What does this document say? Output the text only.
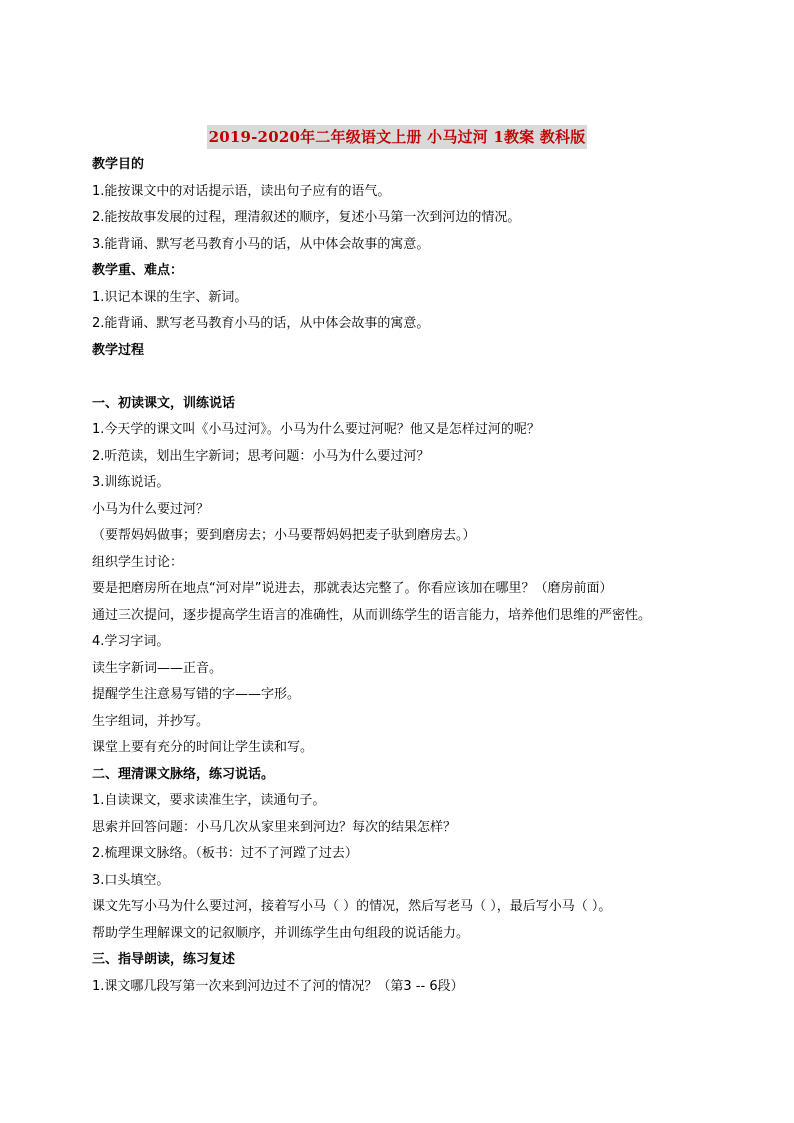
2019-2020年二年级语文上册 小马过河 1教案 教科版
教学目的
1.能按课文中的对话提示语，读出句子应有的语气。
2.能按故事发展的过程，理清叙述的顺序，复述小马第一次到河边的情况。
3.能背诵、默写老马教育小马的话，从中体会故事的寓意。
教学重、难点：
1.识记本课的生字、新词。
2.能背诵、默写老马教育小马的话，从中体会故事的寓意。
教学过程
一、初读课文，训练说话
1.今天学的课文叫《小马过河》。小马为什么要过河呢？他又是怎样过河的呢？
2.听范读，划出生字新词；思考问题：小马为什么要过河？
3.训练说话。
小马为什么要过河？
（要帮妈妈做事；要到磨房去；小马要帮妈妈把麦子驮到磨房去。）
组织学生讨论：
要是把磨房所在地点“河对岸”说进去，那就表达完整了。你看应该加在哪里？（磨房前面）
通过三次提问，逐步提高学生语言的准确性，从而训练学生的语言能力，培养他们思维的严密性。
4.学习字词。
读生字新词——正音。
提醒学生注意易写错的字——字形。
生字组词，并抄写。
课堂上要有充分的时间让学生读和写。
二、理清课文脉络，练习说话。
1.自读课文，要求读准生字，读通句子。
思索并回答问题：小马几次从家里来到河边？每次的结果怎样？
2.梳理课文脉络。（板书：过不了河蹚了过去）
3.口头填空。
课文先写小马为什么要过河，接着写小马（ ）的情况，然后写老马（ ），最后写小马（ ）。
帮助学生理解课文的记叙顺序，并训练学生由句组段的说话能力。
三、指导朗读，练习复述
1.课文哪几段写第一次来到河边过不了河的情况？（第3 -- 6段）
